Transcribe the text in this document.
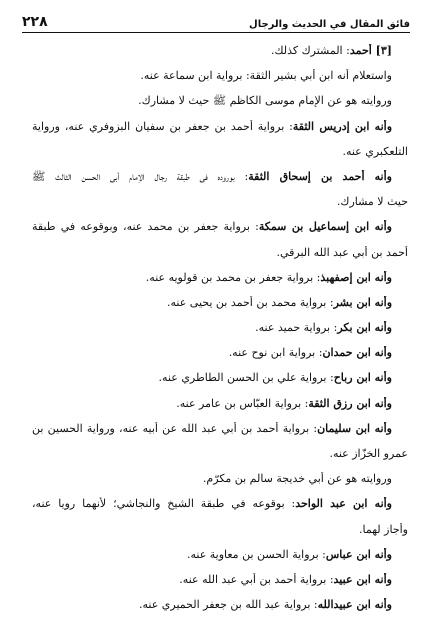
٢٢٨	فائق المقال في الحديث والرجال
[٣] أحمد: المشترك كذلك.
واستعلام أنه ابن أبي بشير الثقة: برواية ابن سماعة عنه.
وروايته هو عن الإمام موسى الكاظم ﷺ حيث لا مشارك.
وأنه ابن إدريس الثقة: برواية أحمد بن جعفر بن سفيان البزوفري عنه، ورواية
التلعكبري عنه.
وأنه أحمد بن إسحاق الثقة: بوروده في طبقة رجال الإمام أبي الحسن الثالث ﷺ
حيث لا مشارك.
وأنه ابن إسماعيل بن سمكة: برواية جعفر بن محمد عنه، وبوقوعه في طبقة
أحمد بن أبي عبد الله البرقي.
وأنه ابن إصفهبذ: برواية جعفر بن محمد بن قولويه عنه.
وأنه ابن بشر: برواية محمد بن أحمد بن يحيى عنه.
وأنه ابن بكر: برواية حميد عنه.
وأنه ابن حمدان: برواية ابن نوح عنه.
وأنه ابن رباح: برواية علي بن الحسن الطاطري عنه.
وأنه ابن رزق الثقة: برواية العبّاس بن عامر عنه.
وأنه ابن سليمان: برواية أحمد بن أبي عبد الله عن أبيه عنه، ورواية الحسين بن
عمرو الخزّاز عنه.
وروايته هو عن أبي خديجة سالم بن مكرّم.
وأنه ابن عبد الواحد: بوقوعه في طبقة الشيخ والنجاشي؛ لأنهما رويا عنه،
وأجاز لهما.
وأنه ابن عباس: برواية الحسن بن معاوية عنه.
وأنه ابن عبيد: برواية أحمد بن أبي عبد الله عنه.
وأنه ابن عبيدالله: برواية عبد الله بن جعفر الحميري عنه.
